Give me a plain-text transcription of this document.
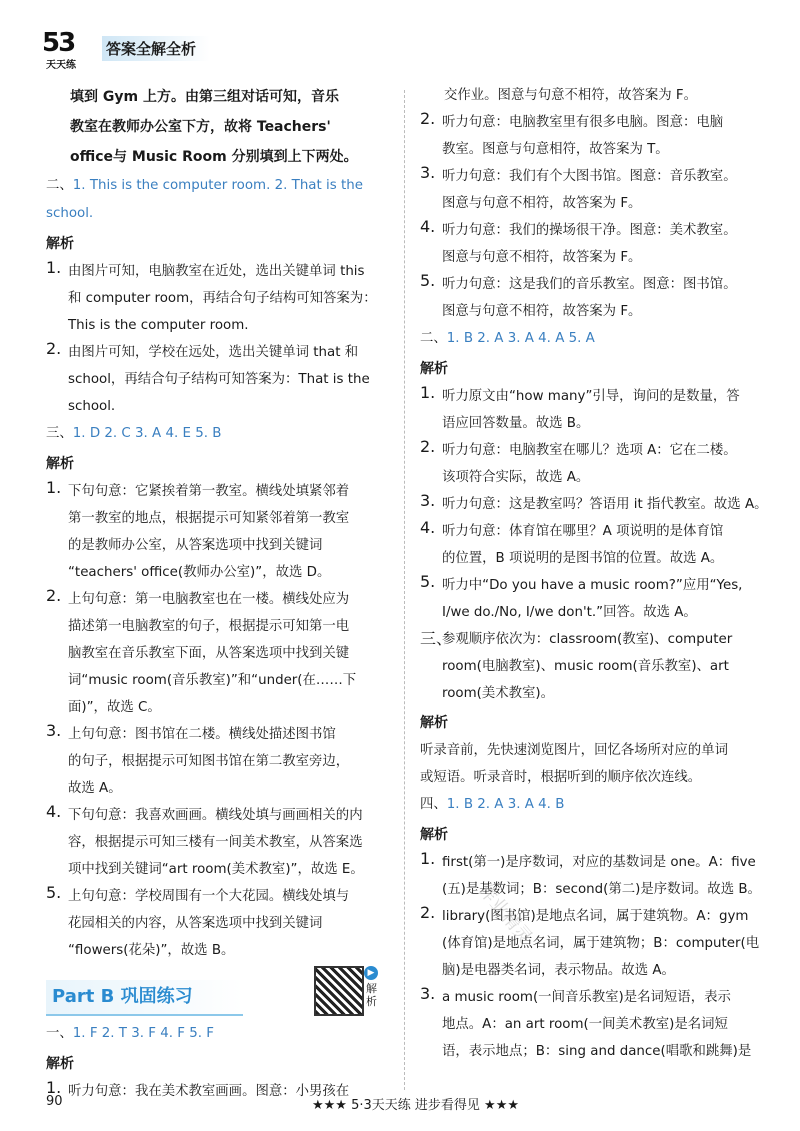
53
天天练
答案全解全析

填到 Gym 上方。由第三组对话可知，音乐

教室在教师办公室下方，故将 Teachers'

office与 Music Room 分别填到上下两处。

二、1. This is the computer room. 2. That is the school.

解析

1. 由图片可知，电脑教室在近处，选出关键单词 this

和 computer room，再结合句子结构可知答案为：

This is the computer room.

2. 由图片可知，学校在远处，选出关键单词 that 和

school，再结合句子结构可知答案为：That is the

school.

三、1. D 2. C 3. A 4. E 5. B

解析

1. 下句句意：它紧挨着第一教室。横线处填紧邻着

第一教室的地点，根据提示可知紧邻着第一教室

的是教师办公室，从答案选项中找到关键词

“teachers' office(教师办公室)”，故选 D。

2. 上句句意：第一电脑教室也在一楼。横线处应为

描述第一电脑教室的句子，根据提示可知第一电

脑教室在音乐教室下面，从答案选项中找到关键

词“music room(音乐教室)”和“under(在……下

面)”，故选 C。

3. 上句句意：图书馆在二楼。横线处描述图书馆

的句子，根据提示可知图书馆在第二教室旁边，

故选 A。

4. 下句句意：我喜欢画画。横线处填与画画相关的内

容，根据提示可知三楼有一间美术教室，从答案选

项中找到关键词“art room(美术教室)”，故选 E。

5. 上句句意：学校周围有一个大花园。横线处填与

花园相关的内容，从答案选项中找到关键词

“flowers(花朵)”，故选 B。

Part B 巩固练习
▶
解析

一、1. F 2. T 3. F 4. F 5. F

解析

1. 听力句意：我在美术教室画画。图意：小男孩在

交作业。图意与句意不相符，故答案为 F。

2. 听力句意：电脑教室里有很多电脑。图意：电脑

教室。图意与句意相符，故答案为 T。

3. 听力句意：我们有个大图书馆。图意：音乐教室。

图意与句意不相符，故答案为 F。

4. 听力句意：我们的操场很干净。图意：美术教室。

图意与句意不相符，故答案为 F。

5. 听力句意：这是我们的音乐教室。图意：图书馆。

图意与句意不相符，故答案为 F。

二、1. B 2. A 3. A 4. A 5. A

解析

1. 听力原文由“how many”引导，询问的是数量，答

语应回答数量。故选 B。

2. 听力句意：电脑教室在哪儿？选项 A：它在二楼。

该项符合实际，故选 A。

3. 听力句意：这是教室吗？答语用 it 指代教室。故选 A。

4. 听力句意：体育馆在哪里？A 项说明的是体育馆

的位置，B 项说明的是图书馆的位置。故选 A。

5. 听力中“Do you have a music room?”应用“Yes,

I/we do./No, I/we don't.”回答。故选 A。

三、

参观顺序依次为：classroom(教室)、computer

room(电脑教室)、music room(音乐教室)、art

room(美术教室)。

解析

听录音前，先快速浏览图片，回忆各场所对应的单词

或短语。听录音时，根据听到的顺序依次连线。

四、1. B 2. A 3. A 4. B

解析

1. first(第一)是序数词，对应的基数词是 one。A：five

(五)是基数词；B：second(第二)是序数词。故选 B。

2. library(图书馆)是地点名词，属于建筑物。A：gym

(体育馆)是地点名词，属于建筑物；B：computer(电

脑)是电器类名词，表示物品。故选 A。

3. a music room(一间音乐教室)是名词短语，表示

地点。A：an art room(一间美术教室)是名词短

语，表示地点；B：sing and dance(唱歌和跳舞)是

作业精灵
90	★★★ 5·3天天练 进步看得见 ★★★
